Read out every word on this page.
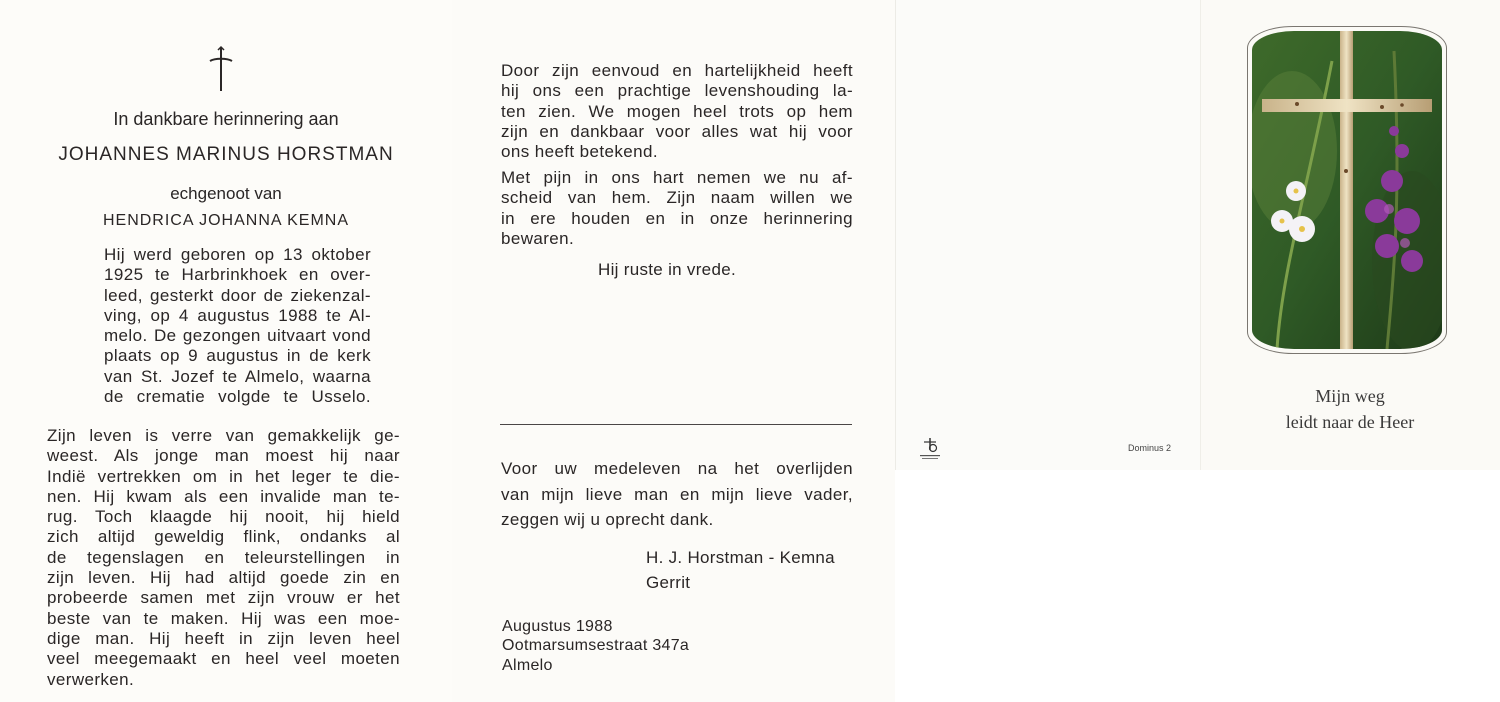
In dankbare herinnering aan
JOHANNES MARINUS HORSTMAN
echgenoot van
HENDRICA JOHANNA KEMNA
Hij werd geboren op 13 oktober
1925 te Harbrinkhoek en over-
leed, gesterkt door de ziekenzal-
ving, op 4 augustus 1988 te Al-
melo. De gezongen uitvaart vond
plaats op 9 augustus in de kerk
van St. Jozef te Almelo, waarna
de crematie volgde te Usselo.
Zijn leven is verre van gemakkelijk ge-
weest. Als jonge man moest hij naar
Indië vertrekken om in het leger te die-
nen. Hij kwam als een invalide man te-
rug. Toch klaagde hij nooit, hij hield
zich altijd geweldig flink, ondanks al
de tegenslagen en teleurstellingen in
zijn leven. Hij had altijd goede zin en
probeerde samen met zijn vrouw er het
beste van te maken. Hij was een moe-
dige man. Hij heeft in zijn leven heel
veel meegemaakt en heel veel moeten
verwerken.
Door zijn eenvoud en hartelijkheid heeft
hij ons een prachtige levenshouding la-
ten zien. We mogen heel trots op hem
zijn en dankbaar voor alles wat hij voor
ons heeft betekend.
Met pijn in ons hart nemen we nu af-
scheid van hem. Zijn naam willen we
in ere houden en in onze herinnering
bewaren.
Hij ruste in vrede.
Voor uw medeleven na het overlijden
van mijn lieve man en mijn lieve vader,
zeggen wij u oprecht dank.
H. J. Horstman - Kemna
Gerrit
Augustus 1988
Ootmarsumsestraat 347a
Almelo
Dominus 2
Mijn weg
leidt naar de Heer
